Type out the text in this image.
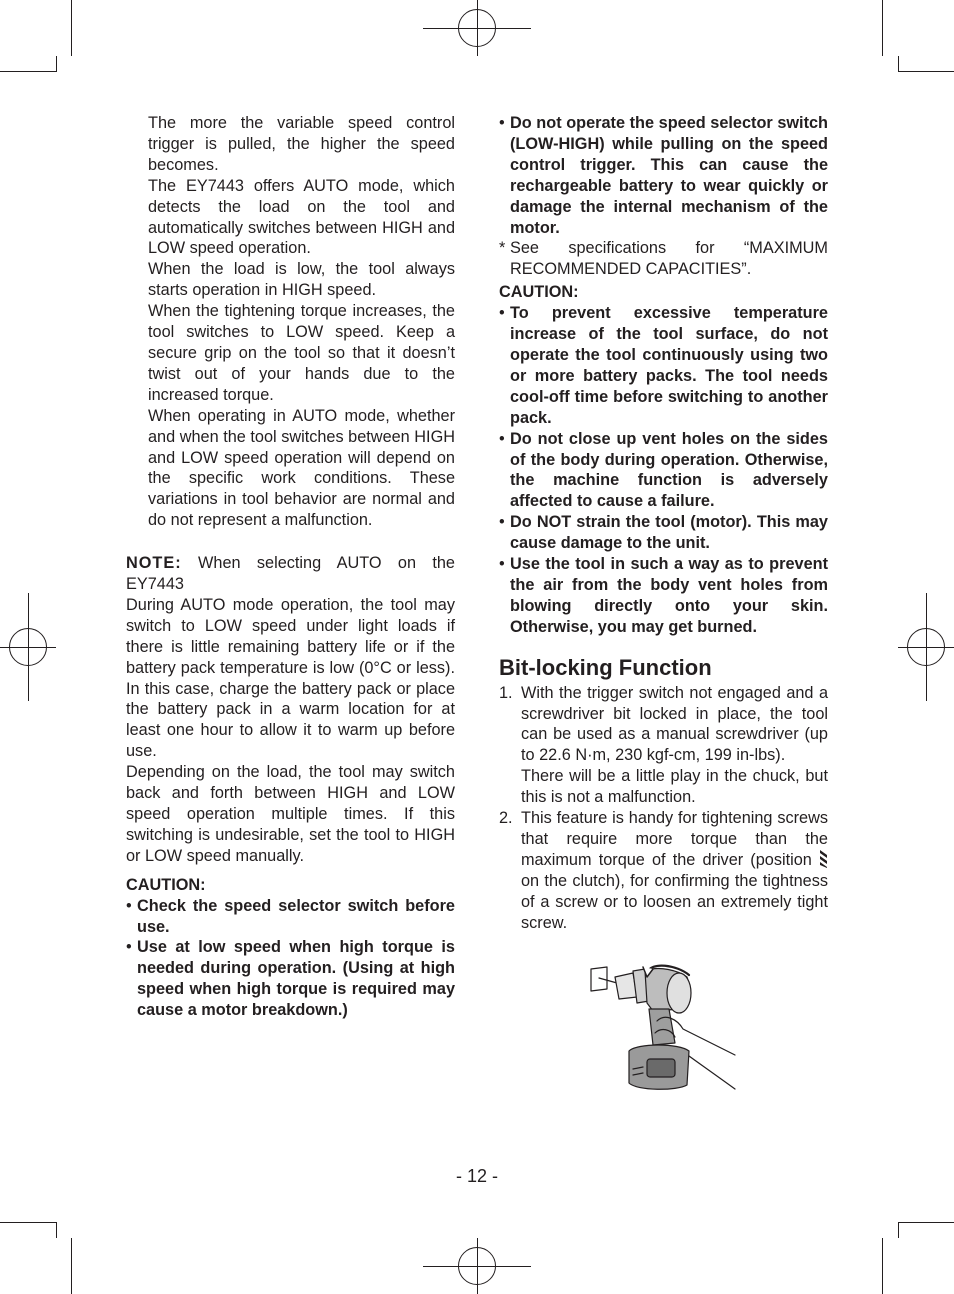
The more the variable speed control trigger is pulled, the higher the speed becomes.

The EY7443 offers AUTO mode, which detects the load on the tool and automatically switches between HIGH and LOW speed operation.

When the load is low, the tool always starts operation in HIGH speed.

When the tightening torque increases, the tool switches to LOW speed. Keep a secure grip on the tool so that it doesn’t twist out of your hands due to the increased torque.

When operating in AUTO mode, whether and when the tool switches between HIGH and LOW speed operation will depend on the specific work conditions. These variations in tool behavior are normal and do not represent a malfunction.

NOTE: When selecting AUTO on the EY7443

During AUTO mode operation, the tool may switch to LOW speed under light loads if there is little remaining battery life or if the battery pack temperature is low (0°C or less). In this case, charge the battery pack or place the battery pack in a warm location for at least one hour to allow it to warm up before use.

Depending on the load, the tool may switch back and forth between HIGH and LOW speed operation multiple times. If this switching is undesirable, set the tool to HIGH or LOW speed manually.

CAUTION:

• Check the speed selector switch before use.

• Use at low speed when high torque is needed during operation. (Using at high speed when high torque is required may cause a motor breakdown.)

• Do not operate the speed selector switch (LOW-HIGH) while pulling on the speed control trigger. This can cause the rechargeable battery to wear quickly or damage the internal mechanism of the motor.

* See specifications for “MAXIMUM RECOMMENDED CAPACITIES”.

CAUTION:

• To prevent excessive temperature increase of the tool surface, do not operate the tool continuously using two or more battery packs. The tool needs cool-off time before switching to another pack.

• Do not close up vent holes on the sides of the body during operation. Otherwise, the machine function is adversely affected to cause a failure.

• Do NOT strain the tool (motor). This may cause damage to the unit.

• Use the tool in such a way as to prevent the air from the body vent holes from blowing directly onto your skin. Otherwise, you may get burned.

Bit-locking Function
1. With the trigger switch not engaged and a screwdriver bit locked in place, the tool can be used as a manual screwdriver (up to 22.6 N·m, 230 kgf-cm, 199 in-lbs).

There will be a little play in the chuck, but this is not a malfunction.

2. This feature is handy for tightening screws that require more torque than the maximum torque of the driver (position  on the clutch), for confirming the tightness of a screw or to loosen an extremely tight screw.

- 12 -
